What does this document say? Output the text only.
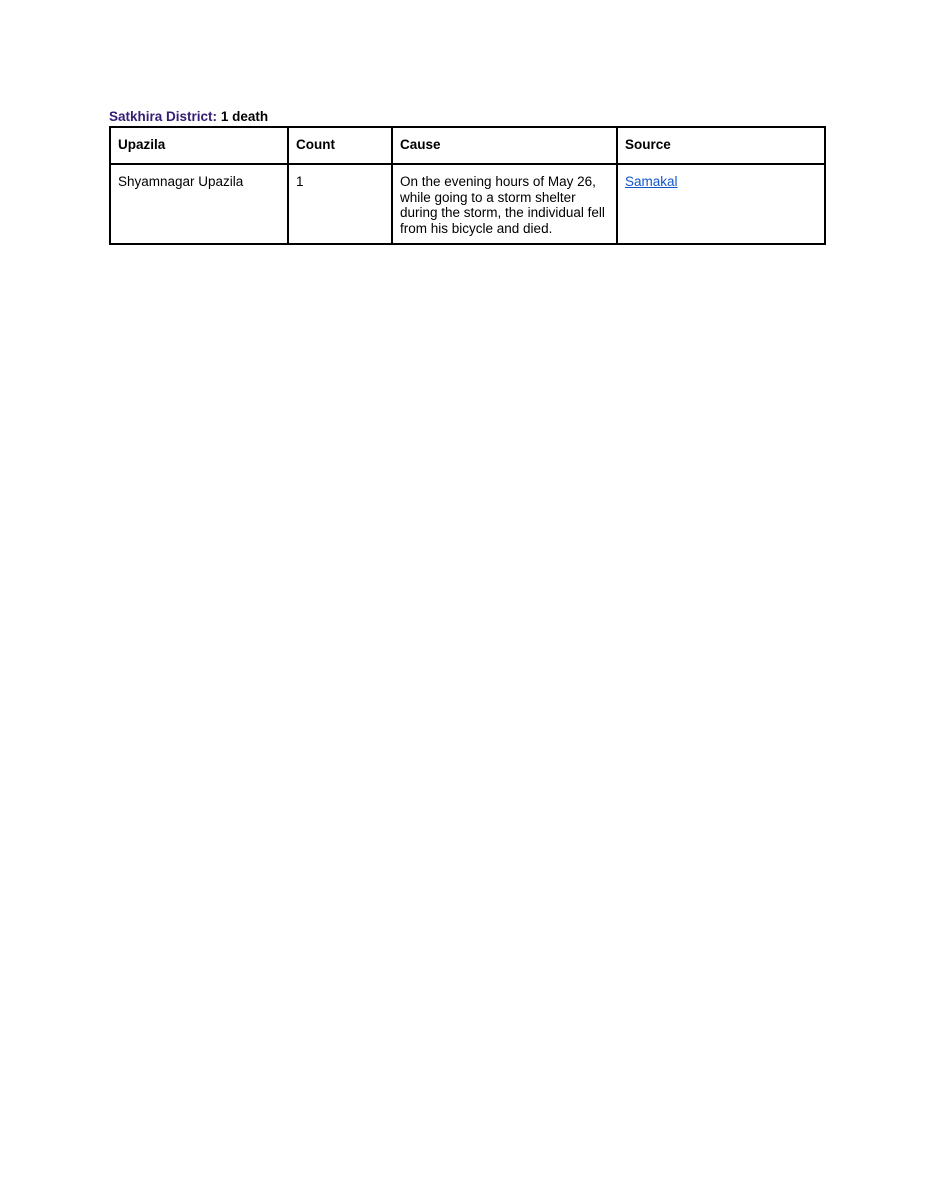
Satkhira District: 1 death
Upazila	Count	Cause	Source
Shyamnagar Upazila	1	On the evening hours of May 26, while going to a storm shelter during the storm, the individual fell from his bicycle and died.	Samakal
